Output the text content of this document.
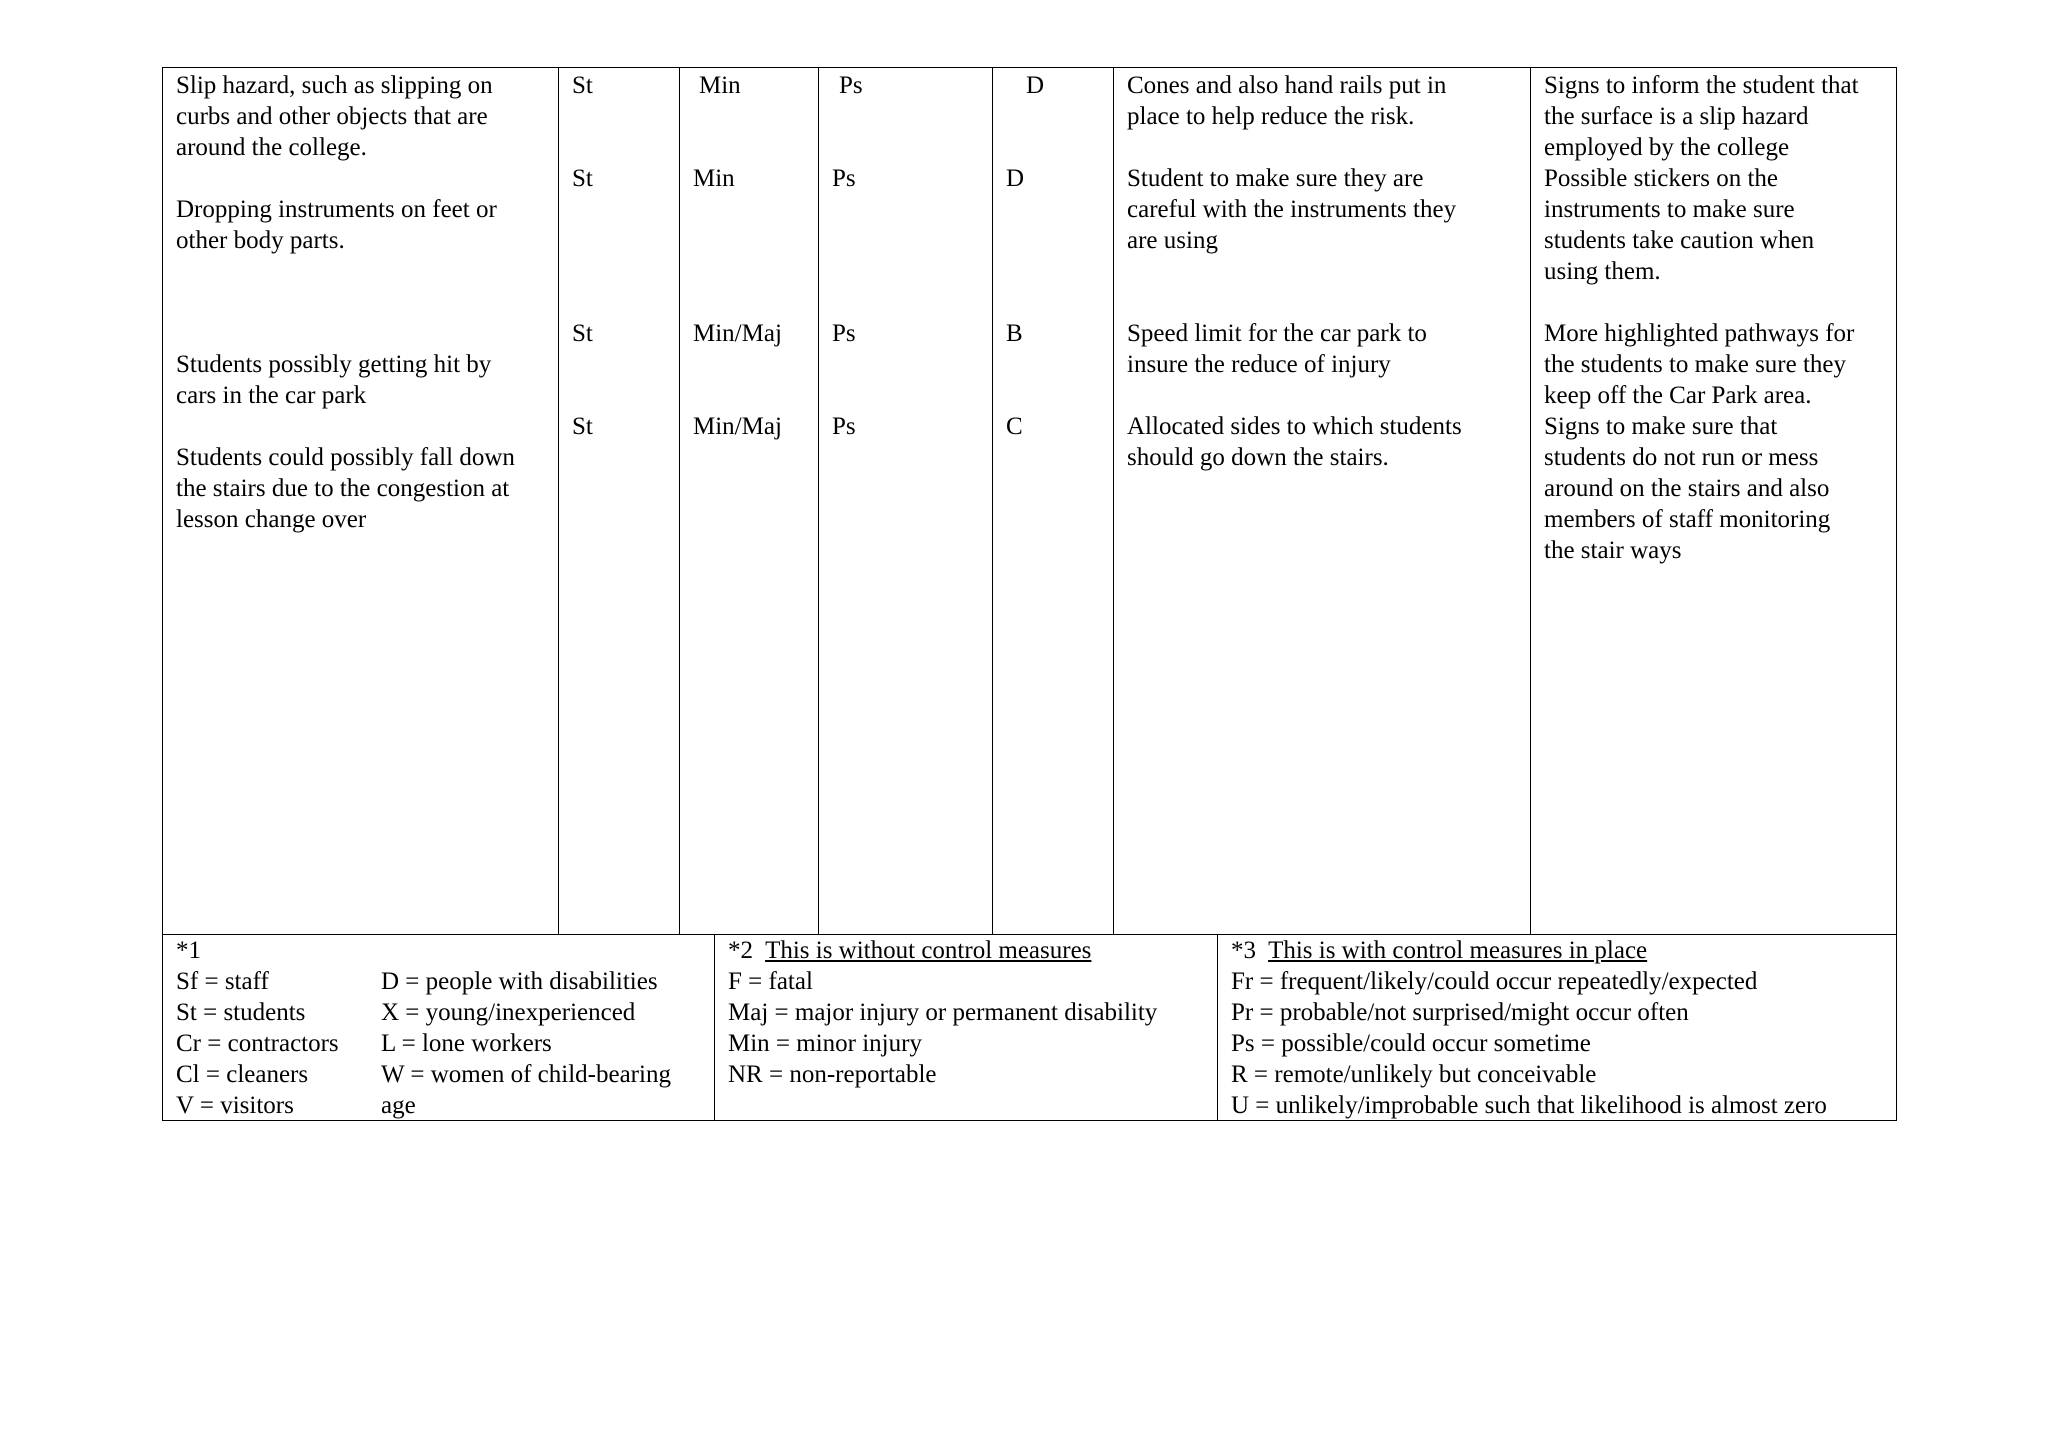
Slip hazard, such as slipping on
curbs and other objects that are
around the college.
Dropping instruments on feet or
other body parts.
Students possibly getting hit by
cars in the car park
Students could possibly fall down
the stairs due to the congestion at
lesson change over
St
St
St
St
Min
Min
Min/Maj
Min/Maj
Ps
Ps
Ps
Ps
D
D
B
C
Cones and also hand rails put in
place to help reduce the risk.
Student to make sure they are
careful with the instruments they
are using
Speed limit for the car park to
insure the reduce of injury
Allocated sides to which students
should go down the stairs.
Signs to inform the student that
the surface is a slip hazard
employed by the college
Possible stickers on the
instruments to make sure
students take caution when
using them.

More highlighted pathways for
the students to make sure they
keep off the Car Park area.
Signs to make sure that
students do not run or mess
around on the stairs and also
members of staff monitoring
the stair ways
*1
Sf = staff
St = students
Cr = contractors
Cl = cleaners
V = visitors
D = people with disabilities
X = young/inexperienced
L = lone workers
W = women of child-bearing
age
*2 This is without control measures
F = fatal
Maj = major injury or permanent disability
Min = minor injury
NR = non-reportable
*3 This is with control measures in place
Fr = frequent/likely/could occur repeatedly/expected
Pr = probable/not surprised/might occur often
Ps = possible/could occur sometime
R = remote/unlikely but conceivable
U = unlikely/improbable such that likelihood is almost zero
